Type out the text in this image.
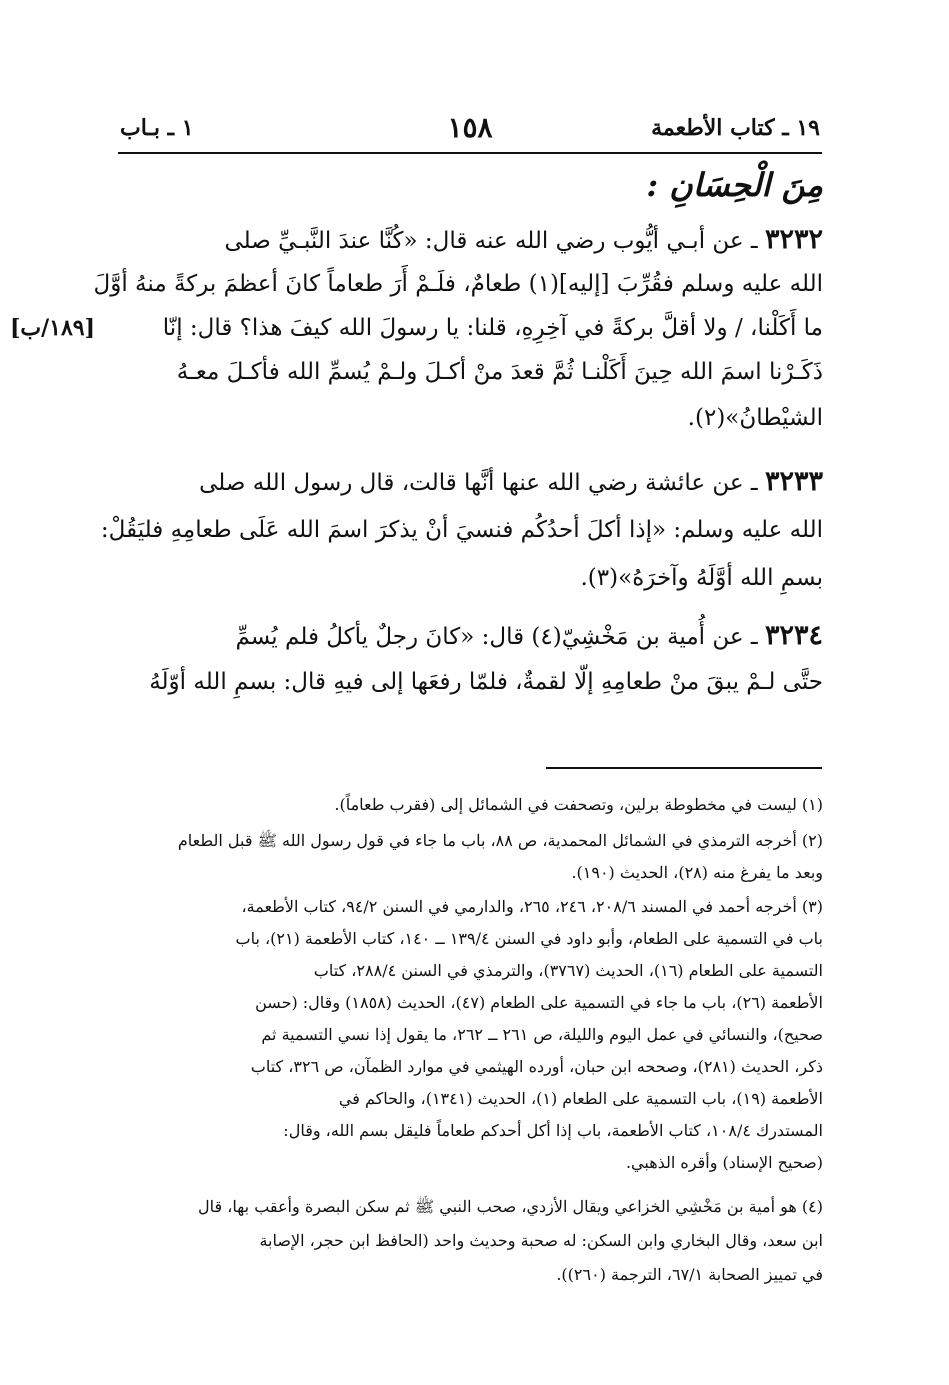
١٩ ـ كتاب الأطعمة
١٥٨
١ ـ بـاب
مِنَ الْحِسَانِ :
٣٢٣٢ ـ عن أبـي أيُّوب رضي الله عنه قال: «كُنَّا عندَ النَّبـيِّ صلى
الله عليه وسلم فقُرِّبَ [إليه](١) طعامٌ، فلَـمْ أَرَ طعاماً كانَ أعظمَ بركةً منهُ أوَّلَ
ما أَكَلْنا، / ولا أقلَّ بركةً في آخِرِهِ، قلنا: يا رسولَ الله كيفَ هذا؟ قال: إنّا
ذَكَـرْنا اسمَ الله حِينَ أَكَلْنـا ثُمَّ قعدَ منْ أكـلَ ولـمْ يُسمِّ الله فأكـلَ معـهُ
الشيْطانُ»(٢).
[١٨٩/ب]
٣٢٣٣ ـ عن عائشة رضي الله عنها أنَّها قالت، قال رسول الله صلى
الله عليه وسلم: «إذا أكلَ أحدُكُم فنسيَ أنْ يذكرَ اسمَ الله عَلَى طعامِهِ فليَقُلْ:
بسمِ الله أوَّلَهُ وآخرَهُ»(٣).
٣٢٣٤ ـ عن أُمية بن مَخْشِيّ(٤) قال: «كانَ رجلٌ يأكلُ فلم يُسمِّ
حتَّى لـمْ يبقَ منْ طعامِهِ إلّا لقمةٌ، فلمّا رفعَها إلى فيهِ قال: بسمِ الله أوّلَهُ
(١) ليست في مخطوطة برلين، وتصحفت في الشمائل إلى (فقرب طعاماً).
(٢) أخرجه الترمذي في الشمائل المحمدية، ص ٨٨، باب ما جاء في قول رسول الله ﷺ قبل الطعام
وبعد ما يفرغ منه (٢٨)، الحديث (١٩٠).
(٣) أخرجه أحمد في المسند ٢٠٨/٦، ٢٤٦، ٢٦٥، والدارمي في السنن ٩٤/٢، كتاب الأطعمة،
باب في التسمية على الطعام، وأبو داود في السنن ١٣٩/٤ ــ ١٤٠، كتاب الأطعمة (٢١)، باب
التسمية على الطعام (١٦)، الحديث (٣٧٦٧)، والترمذي في السنن ٢٨٨/٤، كتاب
الأطعمة (٢٦)، باب ما جاء في التسمية على الطعام (٤٧)، الحديث (١٨٥٨) وقال: (حسن
صحيح)، والنسائي في عمل اليوم والليلة، ص ٢٦١ ــ ٢٦٢، ما يقول إذا نسي التسمية ثم
ذكر، الحديث (٢٨١)، وصححه ابن حبان، أورده الهيثمي في موارد الظمآن، ص ٣٢٦، كتاب
الأطعمة (١٩)، باب التسمية على الطعام (١)، الحديث (١٣٤١)، والحاكم في
المستدرك ١٠٨/٤، كتاب الأطعمة، باب إذا أكل أحدكم طعاماً فليقل بسم الله، وقال:
(صحيح الإسناد) وأقره الذهبي.
(٤) هو أمية بن مَخْشِي الخزاعي ويقال الأزدي، صحب النبي ﷺ ثم سكن البصرة وأعقب بها، قال
ابن سعد، وقال البخاري وابن السكن: له صحبة وحديث واحد (الحافظ ابن حجر، الإصابة
في تمييز الصحابة ٦٧/١، الترجمة (٢٦٠)).
